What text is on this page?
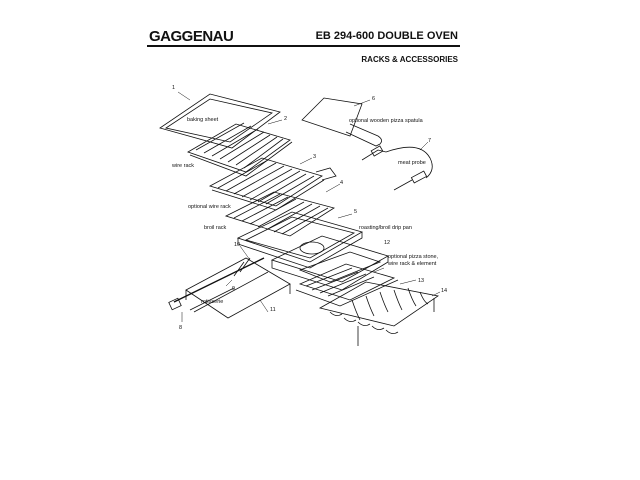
GAGGENAU	EB 294-600 DOUBLE OVEN
RACKS & ACCESSORIES
1
2
3
4
5
6
7
8
9
10
11
12
13
14
baking sheet
wire rack
optional wire rack
broil rack	roasting/broil drip pan
optional wooden pizza spatula
meat probe
rotisserie
optional pizza stone, wire rack & element
